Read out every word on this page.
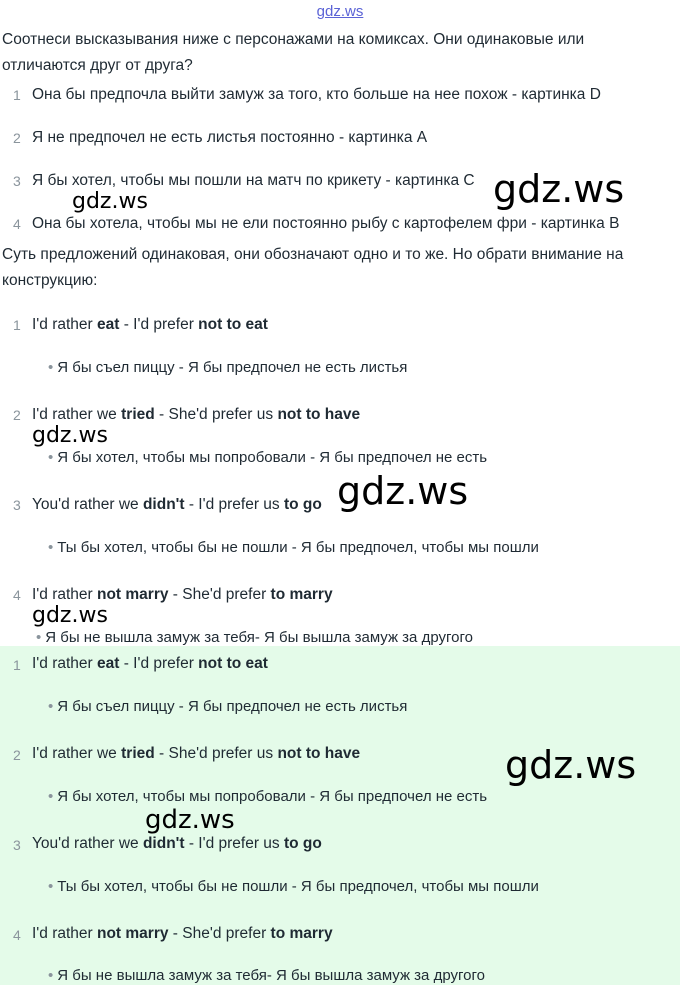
gdz.ws
Соотнеси высказывания ниже с персонажами на комиксах. Они одинаковые или
отличаются друг от друга?
1 Она бы предпочла выйти замуж за того, кто больше на нее похож - картинка D
2 Я не предпочел не есть листья постоянно - картинка A
3 Я бы хотел, чтобы мы пошли на матч по крикету - картинка C
4 Она бы хотела, чтобы мы не ели постоянно рыбу с картофелем фри - картинка B
Суть предложений одинаковая, они обозначают одно и то же. Но обрати внимание на
конструкцию:
1 I'd rather eat - I'd prefer not to eat
• Я бы съел пиццу - Я бы предпочел не есть листья
2 I'd rather we tried - She'd prefer us not to have
• Я бы хотел, чтобы мы попробовали - Я бы предпочел не есть
3 You'd rather we didn't - I'd prefer us to go
• Ты бы хотел, чтобы бы не пошли - Я бы предпочел, чтобы мы пошли
4 I'd rather not marry - She'd prefer to marry
• Я бы не вышла замуж за тебя- Я бы вышла замуж за другого
1 I'd rather eat - I'd prefer not to eat
• Я бы съел пиццу - Я бы предпочел не есть листья
2 I'd rather we tried - She'd prefer us not to have
• Я бы хотел, чтобы мы попробовали - Я бы предпочел не есть
3 You'd rather we didn't - I'd prefer us to go
• Ты бы хотел, чтобы бы не пошли - Я бы предпочел, чтобы мы пошли
4 I'd rather not marry - She'd prefer to marry
• Я бы не вышла замуж за тебя- Я бы вышла замуж за другого
gdz.ws
gdz.ws
gdz.ws
gdz.ws
gdz.ws
gdz.ws
gdz.ws
